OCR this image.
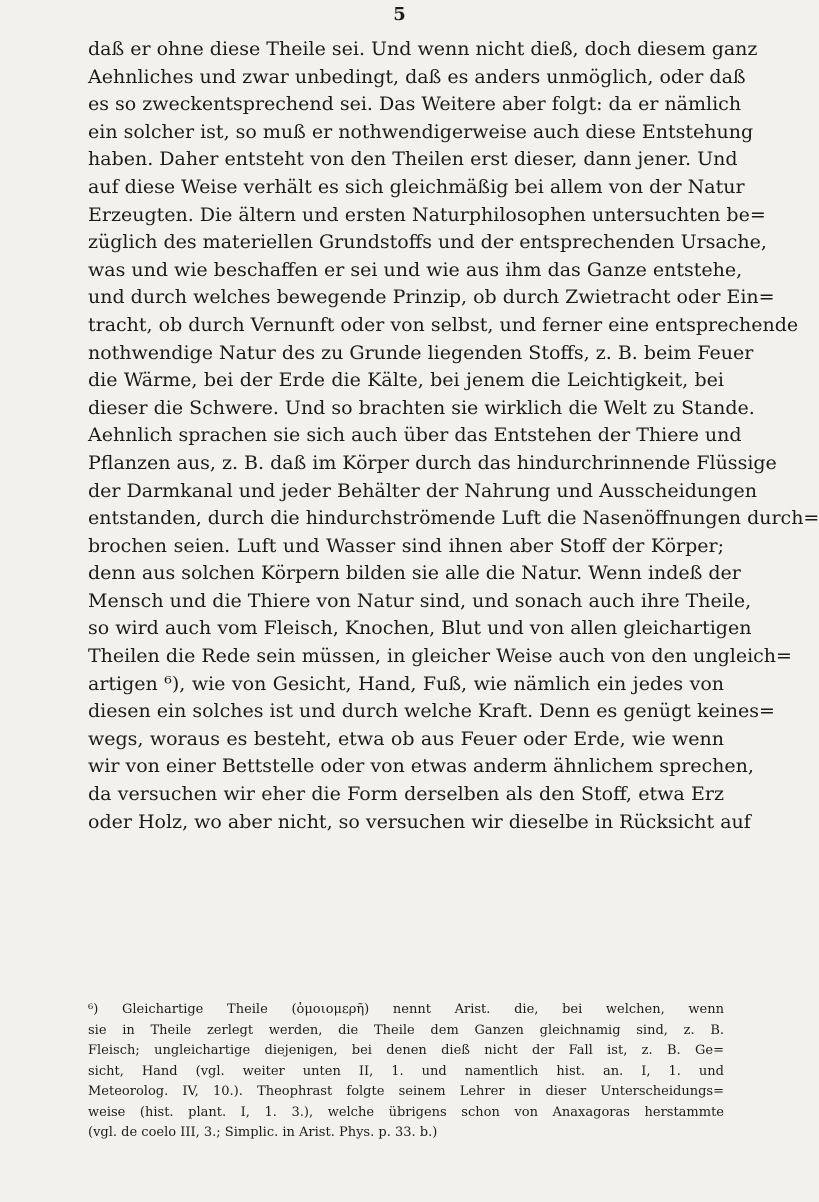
5
daß er ohne diese Theile sei. Und wenn nicht dieß, doch diesem ganz
Aehnliches und zwar unbedingt, daß es anders unmöglich, oder daß
es so zweckentsprechend sei. Das Weitere aber folgt: da er nämlich
ein solcher ist, so muß er nothwendigerweise auch diese Entstehung
haben. Daher entsteht von den Theilen erst dieser, dann jener. Und
auf diese Weise verhält es sich gleichmäßig bei allem von der Natur
Erzeugten. Die ältern und ersten Naturphilosophen untersuchten be=
züglich des materiellen Grundstoffs und der entsprechenden Ursache,
was und wie beschaffen er sei und wie aus ihm das Ganze entstehe,
und durch welches bewegende Prinzip, ob durch Zwietracht oder Ein=
tracht, ob durch Vernunft oder von selbst, und ferner eine entsprechende
nothwendige Natur des zu Grunde liegenden Stoffs, z. B. beim Feuer
die Wärme, bei der Erde die Kälte, bei jenem die Leichtigkeit, bei
dieser die Schwere. Und so brachten sie wirklich die Welt zu Stande.
Aehnlich sprachen sie sich auch über das Entstehen der Thiere und
Pflanzen aus, z. B. daß im Körper durch das hindurchrinnende Flüssige
der Darmkanal und jeder Behälter der Nahrung und Ausscheidungen
entstanden, durch die hindurchströmende Luft die Nasenöffnungen durch=
brochen seien. Luft und Wasser sind ihnen aber Stoff der Körper;
denn aus solchen Körpern bilden sie alle die Natur. Wenn indeß der
Mensch und die Thiere von Natur sind, und sonach auch ihre Theile,
so wird auch vom Fleisch, Knochen, Blut und von allen gleichartigen
Theilen die Rede sein müssen, in gleicher Weise auch von den ungleich=
artigen ⁶), wie von Gesicht, Hand, Fuß, wie nämlich ein jedes von
diesen ein solches ist und durch welche Kraft. Denn es genügt keines=
wegs, woraus es besteht, etwa ob aus Feuer oder Erde, wie wenn
wir von einer Bettstelle oder von etwas anderm ähnlichem sprechen,
da versuchen wir eher die Form derselben als den Stoff, etwa Erz
oder Holz, wo aber nicht, so versuchen wir dieselbe in Rücksicht auf
⁶) Gleichartige Theile (ὁμοιομερῆ) nennt Arist. die, bei welchen, wenn
sie in Theile zerlegt werden, die Theile dem Ganzen gleichnamig sind, z. B.
Fleisch; ungleichartige diejenigen, bei denen dieß nicht der Fall ist, z. B. Ge=
sicht, Hand (vgl. weiter unten II, 1. und namentlich hist. an. I, 1. und
Meteorolog. IV, 10.). Theophrast folgte seinem Lehrer in dieser Unterscheidungs=
weise (hist. plant. I, 1. 3.), welche übrigens schon von Anaxagoras herstammte
(vgl. de coelo III, 3.; Simplic. in Arist. Phys. p. 33. b.)
